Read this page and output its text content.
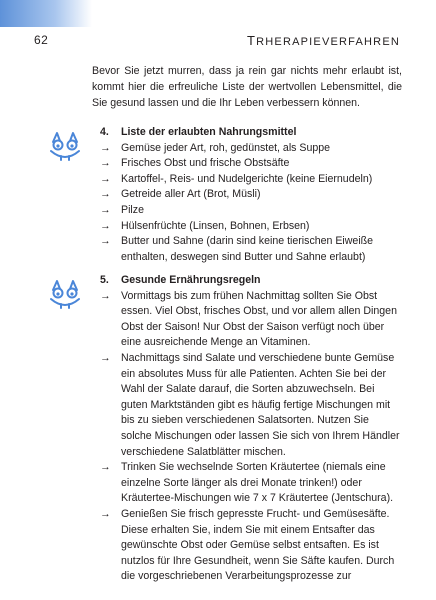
62	TRHERAPIEVERFAHREN

Bevor Sie jetzt murren, dass ja rein gar nichts mehr erlaubt ist, kommt hier die erfreuliche Liste der wertvollen Lebensmittel, die Sie gesund lassen und die Ihr Leben verbessern können.

4.	Liste der erlaubten Nahrungsmittel
→ Gemüse jeder Art, roh, gedünstet, als Suppe
→ Frisches Obst und frische Obstsäfte
→ Kartoffel-, Reis- und Nudelgerichte (keine Eiernudeln)
→ Getreide aller Art (Brot, Müsli)
→ Pilze
→ Hülsenfrüchte (Linsen, Bohnen, Erbsen)
→ Butter und Sahne (darin sind keine tierischen Eiweiße enthalten, deswegen sind Butter und Sahne erlaubt)
5.	Gesunde Ernährungsregeln
→ Vormittags bis zum frühen Nachmittag sollten Sie Obst essen. Viel Obst, frisches Obst, und vor allem allen Dingen Obst der Saison! Nur Obst der Saison verfügt noch über eine ausreichende Menge an Vitaminen.
→ Nachmittags sind Salate und verschiedene bunte Gemüse ein absolutes Muss für alle Patienten. Achten Sie bei der Wahl der Salate darauf, die Sorten abzuwechseln. Bei guten Marktständen gibt es häufig fertige Mischungen mit bis zu sieben verschiedenen Salatsorten. Nutzen Sie solche Mischungen oder lassen Sie sich von Ihrem Händler verschiedene Salatblätter mischen.
→ Trinken Sie wechselnde Sorten Kräutertee (niemals eine einzelne Sorte länger als drei Monate trinken!) oder Kräutertee-Mischungen wie 7 x 7 Kräutertee (Jentschura).
→ Genießen Sie frisch gepresste Frucht- und Gemüsesäfte. Diese erhalten Sie, indem Sie mit einem Entsafter das gewünschte Obst oder Gemüse selbst entsaften. Es ist nutzlos für Ihre Gesundheit, wenn Sie Säfte kaufen. Durch die vorgeschriebenen Verarbeitungsprozesse zur
